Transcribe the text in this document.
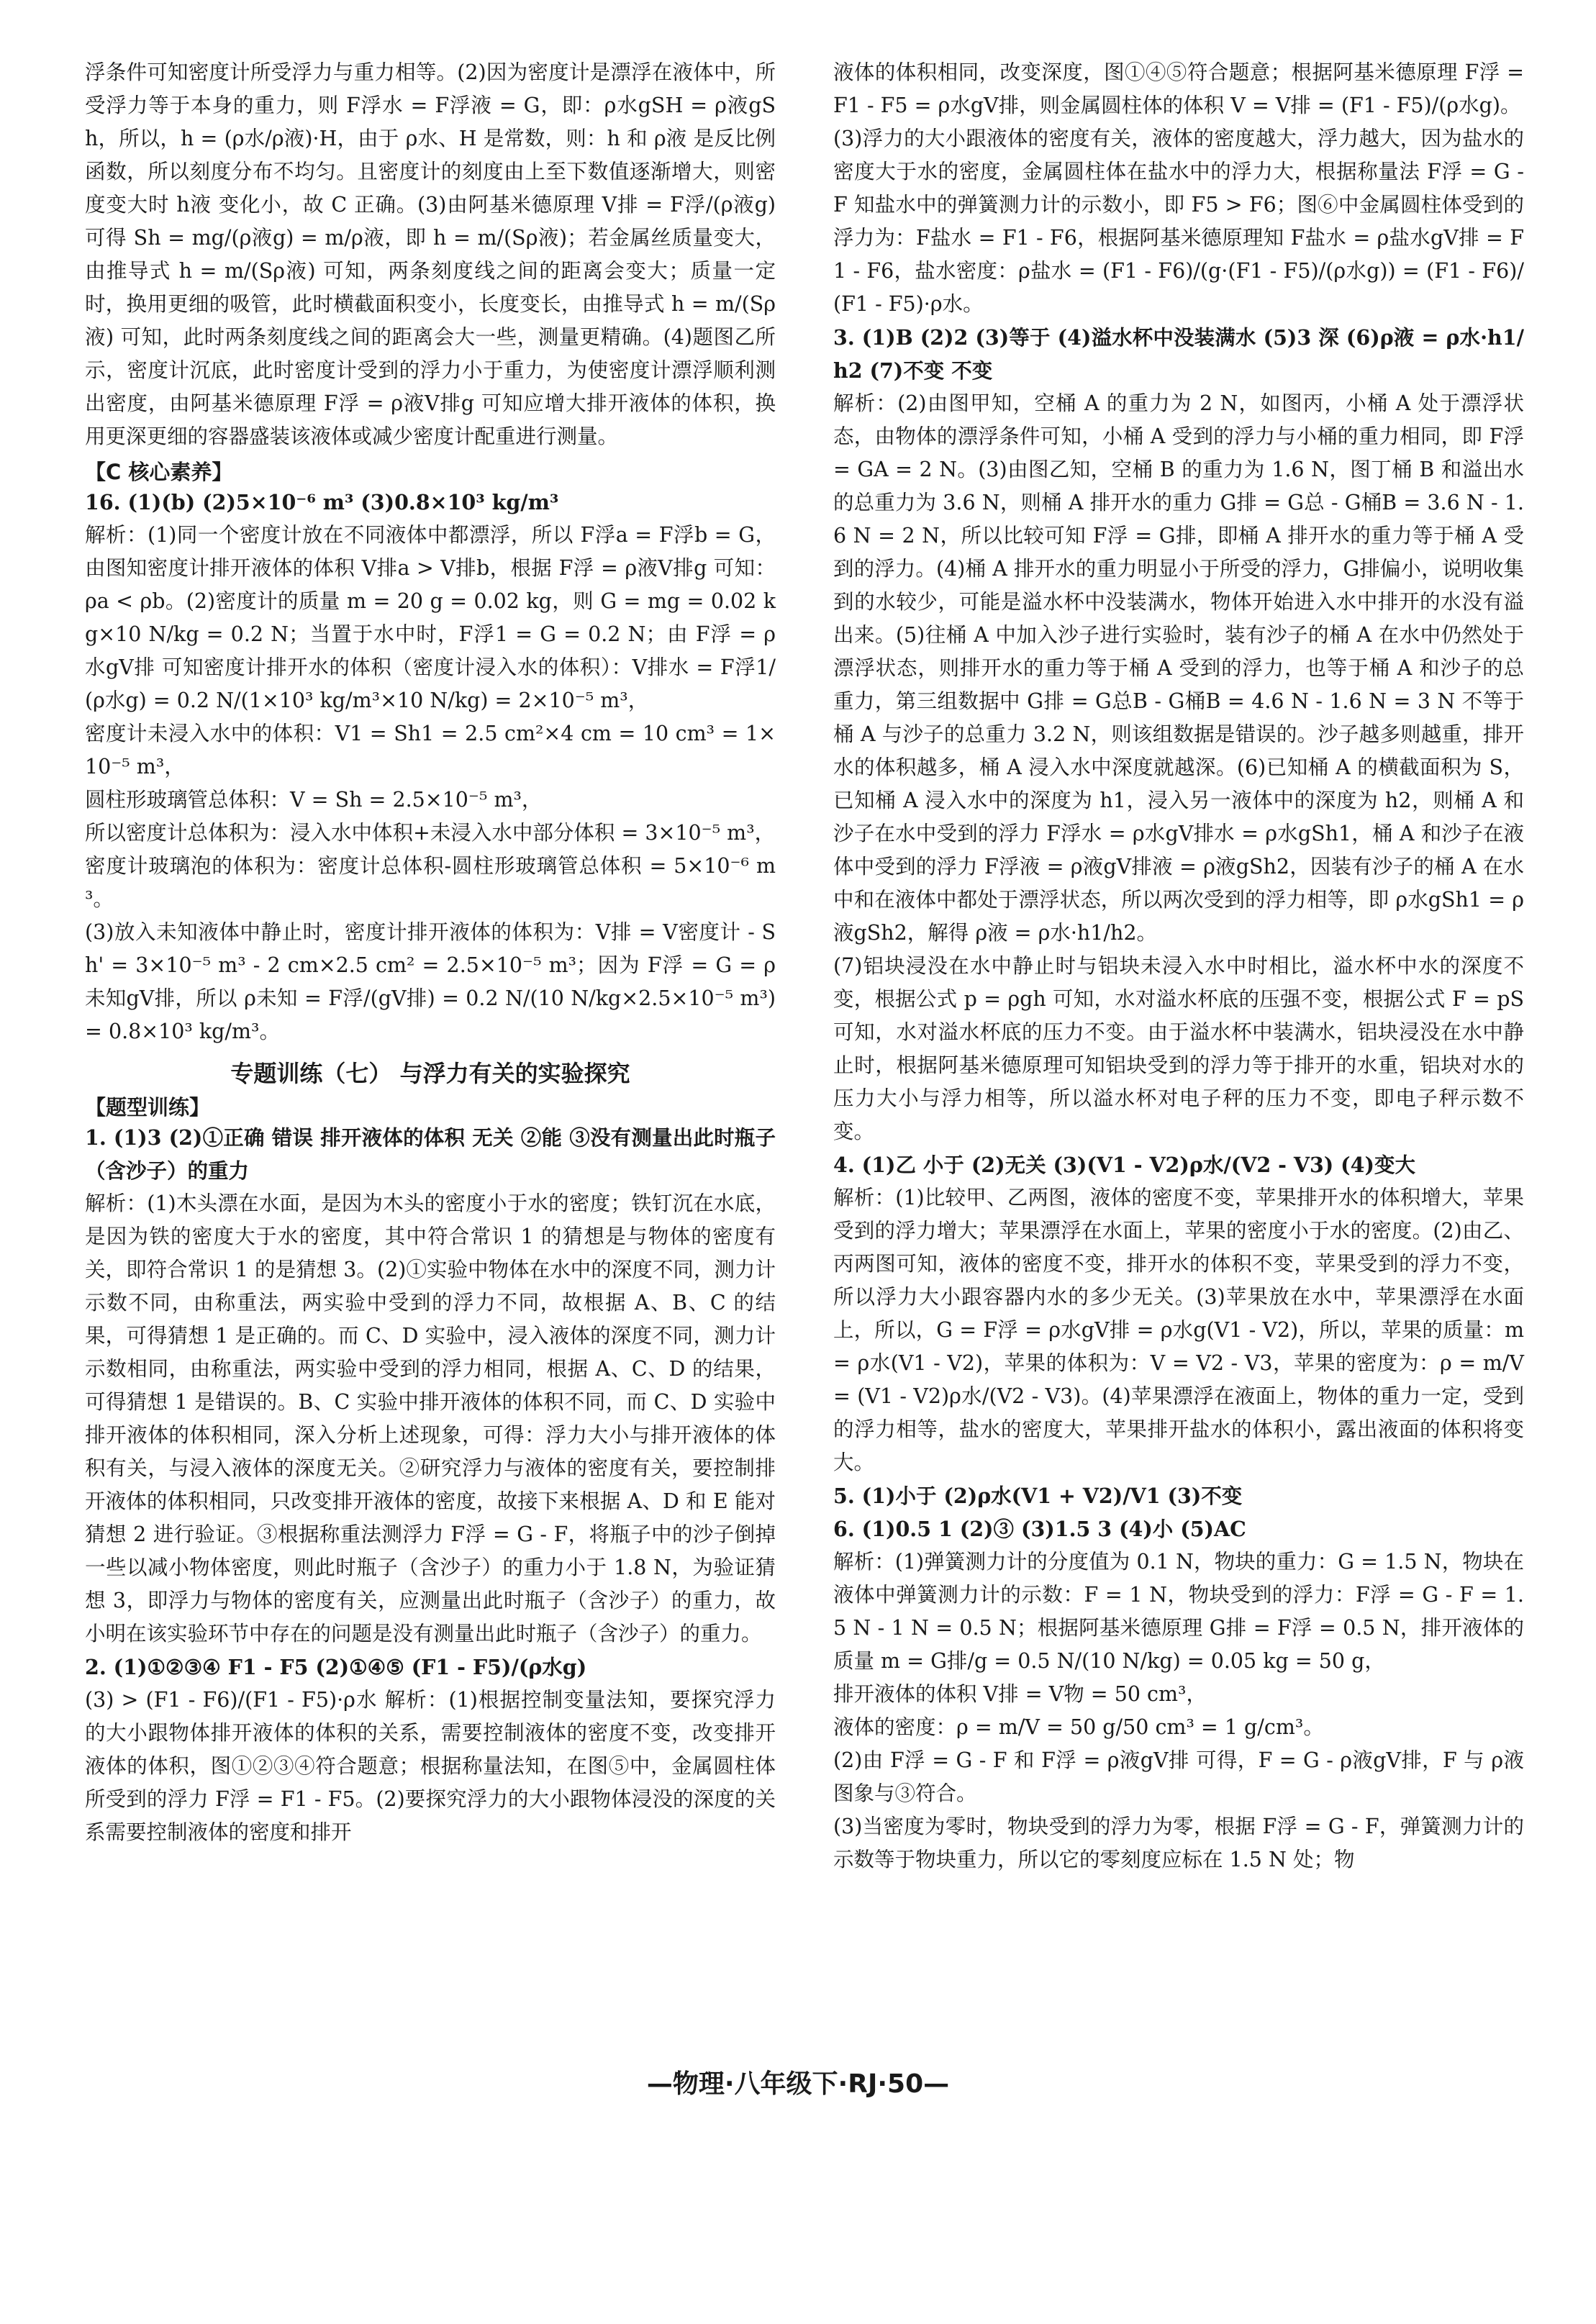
浮条件可知密度计所受浮力与重力相等。(2)因为密度计是漂浮在液体中，所受浮力等于本身的重力，则 F浮水 = F浮液 = G，即：ρ水gSH = ρ液gSh，所以，h = (ρ水/ρ液)·H，由于 ρ水、H 是常数，则：h 和 ρ液 是反比例函数，所以刻度分布不均匀。且密度计的刻度由上至下数值逐渐增大，则密度变大时 h液 变化小，故 C 正确。(3)由阿基米德原理 V排 = F浮/(ρ液g) 可得 Sh = mg/(ρ液g) = m/ρ液，即 h = m/(Sρ液)；若金属丝质量变大，由推导式 h = m/(Sρ液) 可知，两条刻度线之间的距离会变大；质量一定时，换用更细的吸管，此时横截面积变小，长度变长，由推导式 h = m/(Sρ液) 可知，此时两条刻度线之间的距离会大一些，测量更精确。(4)题图乙所示，密度计沉底，此时密度计受到的浮力小于重力，为使密度计漂浮顺利测出密度，由阿基米德原理 F浮 = ρ液V排g 可知应增大排开液体的体积，换用更深更细的容器盛装该液体或减少密度计配重进行测量。

【C 核心素养】

16. (1)(b) (2)5×10⁻⁶ m³ (3)0.8×10³ kg/m³

解析：(1)同一个密度计放在不同液体中都漂浮，所以 F浮a = F浮b = G，由图知密度计排开液体的体积 V排a > V排b，根据 F浮 = ρ液V排g 可知：ρa < ρb。(2)密度计的质量 m = 20 g = 0.02 kg，则 G = mg = 0.02 kg×10 N/kg = 0.2 N；当置于水中时，F浮1 = G = 0.2 N；由 F浮 = ρ水gV排 可知密度计排开水的体积（密度计浸入水的体积）：V排水 = F浮1/(ρ水g) = 0.2 N/(1×10³ kg/m³×10 N/kg) = 2×10⁻⁵ m³，

密度计未浸入水中的体积：V1 = Sh1 = 2.5 cm²×4 cm = 10 cm³ = 1×10⁻⁵ m³，

圆柱形玻璃管总体积：V = Sh = 2.5×10⁻⁵ m³，

所以密度计总体积为：浸入水中体积+未浸入水中部分体积 = 3×10⁻⁵ m³，

密度计玻璃泡的体积为：密度计总体积-圆柱形玻璃管总体积 = 5×10⁻⁶ m³。

(3)放入未知液体中静止时，密度计排开液体的体积为：V排 = V密度计 - Sh' = 3×10⁻⁵ m³ - 2 cm×2.5 cm² = 2.5×10⁻⁵ m³；因为 F浮 = G = ρ未知gV排，所以 ρ未知 = F浮/(gV排) = 0.2 N/(10 N/kg×2.5×10⁻⁵ m³) = 0.8×10³ kg/m³。

专题训练（七） 与浮力有关的实验探究

【题型训练】

1. (1)3 (2)①正确 错误 排开液体的体积 无关 ②能 ③没有测量出此时瓶子（含沙子）的重力

解析：(1)木头漂在水面，是因为木头的密度小于水的密度；铁钉沉在水底，是因为铁的密度大于水的密度，其中符合常识 1 的猜想是与物体的密度有关，即符合常识 1 的是猜想 3。(2)①实验中物体在水中的深度不同，测力计示数不同，由称重法，两实验中受到的浮力不同，故根据 A、B、C 的结果，可得猜想 1 是正确的。而 C、D 实验中，浸入液体的深度不同，测力计示数相同，由称重法，两实验中受到的浮力相同，根据 A、C、D 的结果，可得猜想 1 是错误的。B、C 实验中排开液体的体积不同，而 C、D 实验中排开液体的体积相同，深入分析上述现象，可得：浮力大小与排开液体的体积有关，与浸入液体的深度无关。②研究浮力与液体的密度有关，要控制排开液体的体积相同，只改变排开液体的密度，故接下来根据 A、D 和 E 能对猜想 2 进行验证。③根据称重法测浮力 F浮 = G - F，将瓶子中的沙子倒掉一些以减小物体密度，则此时瓶子（含沙子）的重力小于 1.8 N，为验证猜想 3，即浮力与物体的密度有关，应测量出此时瓶子（含沙子）的重力，故小明在该实验环节中存在的问题是没有测量出此时瓶子（含沙子）的重力。

2. (1)①②③④ F1 - F5 (2)①④⑤ (F1 - F5)/(ρ水g)

(3) > (F1 - F6)/(F1 - F5)·ρ水 解析：(1)根据控制变量法知，要探究浮力的大小跟物体排开液体的体积的关系，需要控制液体的密度不变，改变排开液体的体积，图①②③④符合题意；根据称量法知，在图⑤中，金属圆柱体所受到的浮力 F浮 = F1 - F5。(2)要探究浮力的大小跟物体浸没的深度的关系需要控制液体的密度和排开

液体的体积相同，改变深度，图①④⑤符合题意；根据阿基米德原理 F浮 = F1 - F5 = ρ水gV排，则金属圆柱体的体积 V = V排 = (F1 - F5)/(ρ水g)。

(3)浮力的大小跟液体的密度有关，液体的密度越大，浮力越大，因为盐水的密度大于水的密度，金属圆柱体在盐水中的浮力大，根据称量法 F浮 = G - F 知盐水中的弹簧测力计的示数小，即 F5 > F6；图⑥中金属圆柱体受到的浮力为：F盐水 = F1 - F6，根据阿基米德原理知 F盐水 = ρ盐水gV排 = F1 - F6，盐水密度：ρ盐水 = (F1 - F6)/(g·(F1 - F5)/(ρ水g)) = (F1 - F6)/(F1 - F5)·ρ水。

3. (1)B (2)2 (3)等于 (4)溢水杯中没装满水 (5)3 深 (6)ρ液 = ρ水·h1/h2 (7)不变 不变

解析：(2)由图甲知，空桶 A 的重力为 2 N，如图丙，小桶 A 处于漂浮状态，由物体的漂浮条件可知，小桶 A 受到的浮力与小桶的重力相同，即 F浮 = GA = 2 N。(3)由图乙知，空桶 B 的重力为 1.6 N，图丁桶 B 和溢出水的总重力为 3.6 N，则桶 A 排开水的重力 G排 = G总 - G桶B = 3.6 N - 1.6 N = 2 N，所以比较可知 F浮 = G排，即桶 A 排开水的重力等于桶 A 受到的浮力。(4)桶 A 排开水的重力明显小于所受的浮力，G排偏小，说明收集到的水较少，可能是溢水杯中没装满水，物体开始进入水中排开的水没有溢出来。(5)往桶 A 中加入沙子进行实验时，装有沙子的桶 A 在水中仍然处于漂浮状态，则排开水的重力等于桶 A 受到的浮力，也等于桶 A 和沙子的总重力，第三组数据中 G排 = G总B - G桶B = 4.6 N - 1.6 N = 3 N 不等于桶 A 与沙子的总重力 3.2 N，则该组数据是错误的。沙子越多则越重，排开水的体积越多，桶 A 浸入水中深度就越深。(6)已知桶 A 的横截面积为 S，已知桶 A 浸入水中的深度为 h1，浸入另一液体中的深度为 h2，则桶 A 和沙子在水中受到的浮力 F浮水 = ρ水gV排水 = ρ水gSh1，桶 A 和沙子在液体中受到的浮力 F浮液 = ρ液gV排液 = ρ液gSh2，因装有沙子的桶 A 在水中和在液体中都处于漂浮状态，所以两次受到的浮力相等，即 ρ水gSh1 = ρ液gSh2，解得 ρ液 = ρ水·h1/h2。

(7)铝块浸没在水中静止时与铝块未浸入水中时相比，溢水杯中水的深度不变，根据公式 p = ρgh 可知，水对溢水杯底的压强不变，根据公式 F = pS 可知，水对溢水杯底的压力不变。由于溢水杯中装满水，铝块浸没在水中静止时，根据阿基米德原理可知铝块受到的浮力等于排开的水重，铝块对水的压力大小与浮力相等，所以溢水杯对电子秤的压力不变，即电子秤示数不变。

4. (1)乙 小于 (2)无关 (3)(V1 - V2)ρ水/(V2 - V3) (4)变大

解析：(1)比较甲、乙两图，液体的密度不变，苹果排开水的体积增大，苹果受到的浮力增大；苹果漂浮在水面上，苹果的密度小于水的密度。(2)由乙、丙两图可知，液体的密度不变，排开水的体积不变，苹果受到的浮力不变，所以浮力大小跟容器内水的多少无关。(3)苹果放在水中，苹果漂浮在水面上，所以，G = F浮 = ρ水gV排 = ρ水g(V1 - V2)，所以，苹果的质量：m = ρ水(V1 - V2)，苹果的体积为：V = V2 - V3，苹果的密度为：ρ = m/V = (V1 - V2)ρ水/(V2 - V3)。(4)苹果漂浮在液面上，物体的重力一定，受到的浮力相等，盐水的密度大，苹果排开盐水的体积小，露出液面的体积将变大。

5. (1)小于 (2)ρ水(V1 + V2)/V1 (3)不变

6. (1)0.5 1 (2)③ (3)1.5 3 (4)小 (5)AC

解析：(1)弹簧测力计的分度值为 0.1 N，物块的重力：G = 1.5 N，物块在液体中弹簧测力计的示数：F = 1 N，物块受到的浮力：F浮 = G - F = 1.5 N - 1 N = 0.5 N；根据阿基米德原理 G排 = F浮 = 0.5 N，排开液体的质量 m = G排/g = 0.5 N/(10 N/kg) = 0.05 kg = 50 g，

排开液体的体积 V排 = V物 = 50 cm³，

液体的密度：ρ = m/V = 50 g/50 cm³ = 1 g/cm³。

(2)由 F浮 = G - F 和 F浮 = ρ液gV排 可得，F = G - ρ液gV排，F 与 ρ液 图象与③符合。

(3)当密度为零时，物块受到的浮力为零，根据 F浮 = G - F，弹簧测力计的示数等于物块重力，所以它的零刻度应标在 1.5 N 处；物

—物理·八年级下·RJ·50—
